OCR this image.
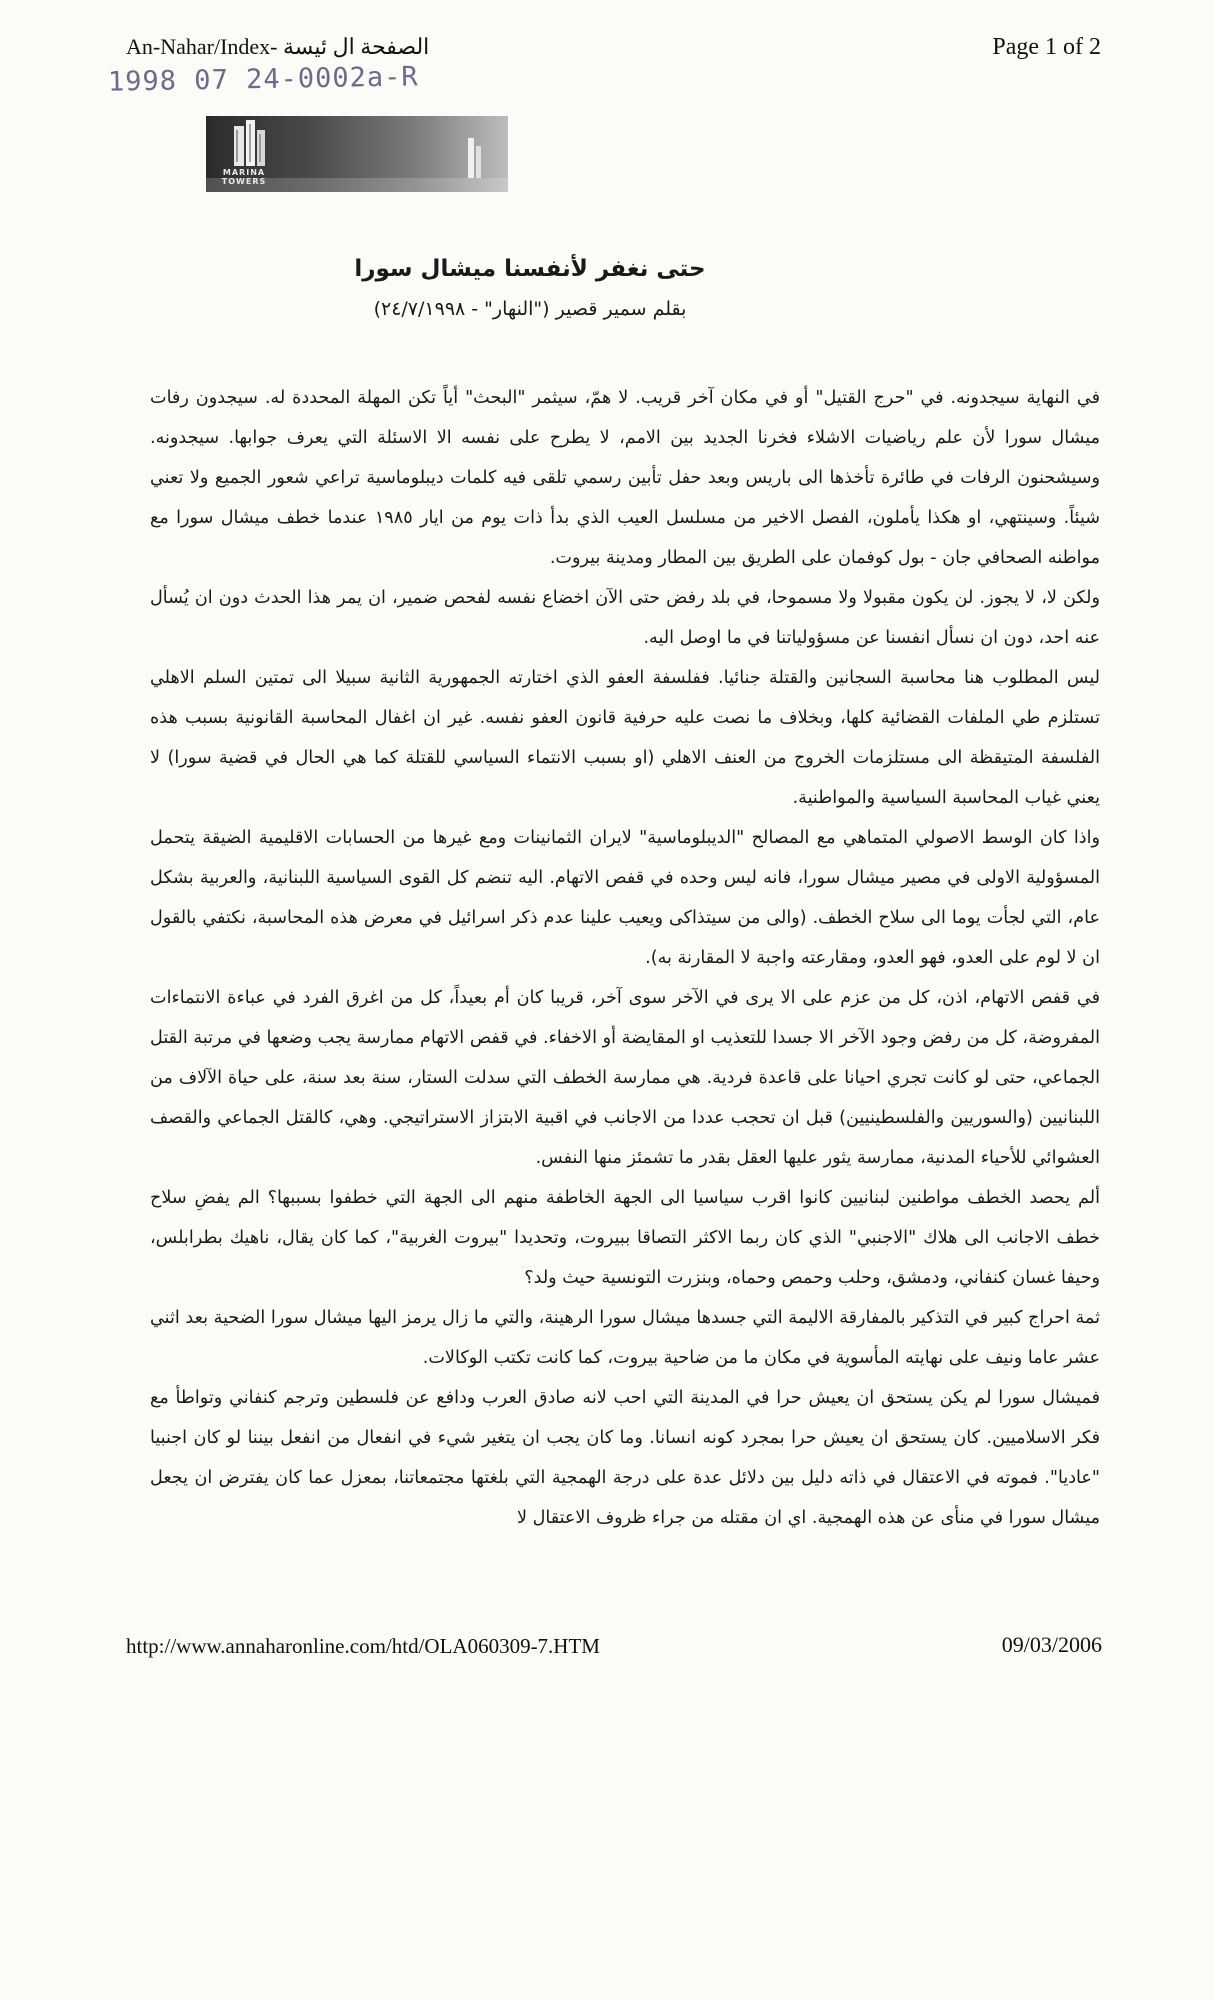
An-Nahar/Index- الصفحة ال ئيسة	Page 1 of 2
1998 07 24-0002a-R
MARINA TOWERS
حتى نغفر لأنفسنا ميشال سورا
بقلم سمير قصير ("النهار" - ٢٤/٧/١٩٩٨)

في النهاية سيجدونه. في "حرج القتيل" أو في مكان آخر قريب. لا همّ، سيثمر "البحث" أياً تكن المهلة المحددة له. سيجدون رفات ميشال سورا لأن علم رياضيات الاشلاء فخرنا الجديد بين الامم، لا يطرح على نفسه الا الاسئلة التي يعرف جوابها. سيجدونه. وسيشحنون الرفات في طائرة تأخذها الى باريس وبعد حفل تأبين رسمي تلقى فيه كلمات ديبلوماسية تراعي شعور الجميع ولا تعني شيئاً. وسينتهي، او هكذا يأملون، الفصل الاخير من مسلسل العيب الذي بدأ ذات يوم من ايار ١٩٨٥ عندما خطف ميشال سورا مع مواطنه الصحافي جان - بول كوفمان على الطريق بين المطار ومدينة بيروت.

ولكن لا، لا يجوز. لن يكون مقبولا ولا مسموحا، في بلد رفض حتى الآن اخضاع نفسه لفحص ضمير، ان يمر هذا الحدث دون ان يُسأل عنه احد، دون ان نسأل انفسنا عن مسؤولياتنا في ما اوصل اليه.

ليس المطلوب هنا محاسبة السجانين والقتلة جنائيا. ففلسفة العفو الذي اختارته الجمهورية الثانية سبيلا الى تمتين السلم الاهلي تستلزم طي الملفات القضائية كلها، وبخلاف ما نصت عليه حرفية قانون العفو نفسه. غير ان اغفال المحاسبة القانونية بسبب هذه الفلسفة المتيقظة الى مستلزمات الخروج من العنف الاهلي (او بسبب الانتماء السياسي للقتلة كما هي الحال في قضية سورا) لا يعني غياب المحاسبة السياسية والمواطنية.

واذا كان الوسط الاصولي المتماهي مع المصالح "الديبلوماسية" لايران الثمانينات ومع غيرها من الحسابات الاقليمية الضيقة يتحمل المسؤولية الاولى في مصير ميشال سورا، فانه ليس وحده في قفص الاتهام. اليه تنضم كل القوى السياسية اللبنانية، والعربية بشكل عام، التي لجأت يوما الى سلاح الخطف. (والى من سيتذاكى ويعيب علينا عدم ذكر اسرائيل في معرض هذه المحاسبة، نكتفي بالقول ان لا لوم على العدو، فهو العدو، ومقارعته واجبة لا المقارنة به).

في قفص الاتهام، اذن، كل من عزم على الا يرى في الآخر سوى آخر، قريبا كان أم بعيداً، كل من اغرق الفرد في عباءة الانتماءات المفروضة، كل من رفض وجود الآخر الا جسدا للتعذيب او المقايضة أو الاخفاء. في قفص الاتهام ممارسة يجب وضعها في مرتبة القتل الجماعي، حتى لو كانت تجري احيانا على قاعدة فردية. هي ممارسة الخطف التي سدلت الستار، سنة بعد سنة، على حياة الآلاف من اللبنانيين (والسوريين والفلسطينيين) قبل ان تحجب عددا من الاجانب في اقبية الابتزاز الاستراتيجي. وهي، كالقتل الجماعي والقصف العشوائي للأحياء المدنية، ممارسة يثور عليها العقل بقدر ما تشمئز منها النفس.

ألم يحصد الخطف مواطنين لبنانيين كانوا اقرب سياسيا الى الجهة الخاطفة منهم الى الجهة التي خطفوا بسببها؟ الم يفضِ سلاح خطف الاجانب الى هلاك "الاجنبي" الذي كان ربما الاكثر التصاقا ببيروت، وتحديدا "بيروت الغربية"، كما كان يقال، ناهيك بطرابلس، وحيفا غسان كنفاني، ودمشق، وحلب وحمص وحماه، وبنزرت التونسية حيث ولد؟

ثمة احراج كبير في التذكير بالمفارقة الاليمة التي جسدها ميشال سورا الرهينة، والتي ما زال يرمز اليها ميشال سورا الضحية بعد اثني عشر عاما ونيف على نهايته المأسوية في مكان ما من ضاحية بيروت، كما كانت تكتب الوكالات.

فميشال سورا لم يكن يستحق ان يعيش حرا في المدينة التي احب لانه صادق العرب ودافع عن فلسطين وترجم كنفاني وتواطأ مع فكر الاسلاميين. كان يستحق ان يعيش حرا بمجرد كونه انسانا. وما كان يجب ان يتغير شيء في انفعال من انفعل بيننا لو كان اجنبيا "عاديا". فموته في الاعتقال في ذاته دليل بين دلائل عدة على درجة الهمجية التي بلغتها مجتمعاتنا، بمعزل عما كان يفترض ان يجعل ميشال سورا في منأى عن هذه الهمجية. اي ان مقتله من جراء ظروف الاعتقال لا

http://www.annaharonline.com/htd/OLA060309-7.HTM	09/03/2006
